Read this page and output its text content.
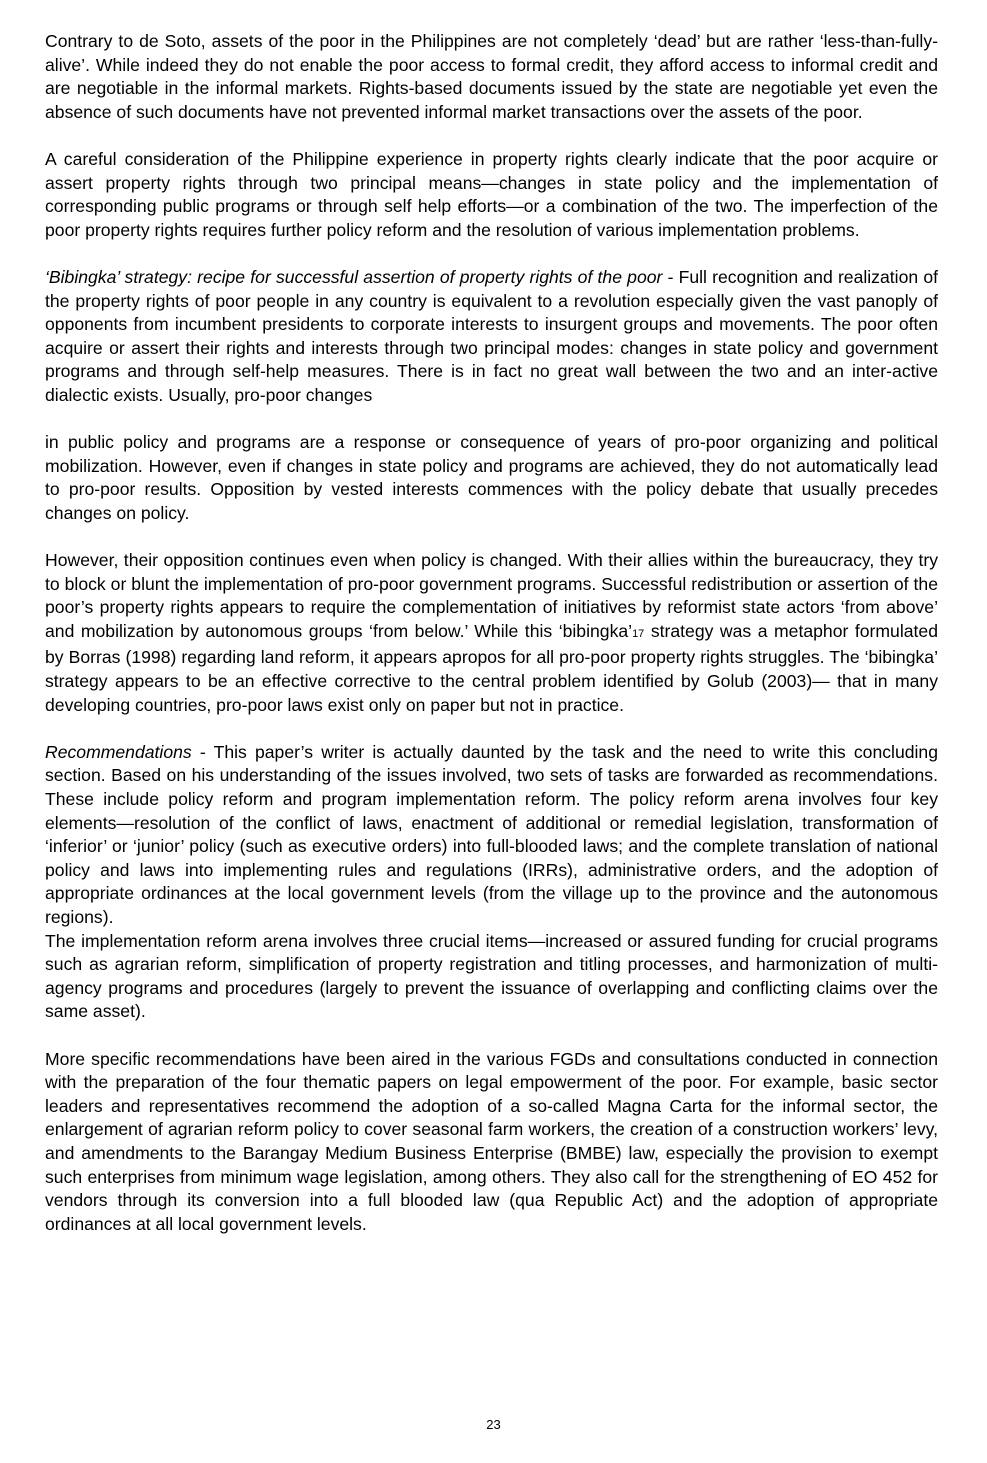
Contrary to de Soto, assets of the poor in the Philippines are not completely ‘dead’ but are rather ‘less-than-fully-alive’. While indeed they do not enable the poor access to formal credit, they afford access to informal credit and are negotiable in the informal markets. Rights-based documents issued by the state are negotiable yet even the absence of such documents have not prevented informal market transactions over the assets of the poor.

A careful consideration of the Philippine experience in property rights clearly indicate that the poor acquire or assert property rights through two principal means—changes in state policy and the implementation of corresponding public programs or through self help efforts—or a combination of the two. The imperfection of the poor property rights requires further policy reform and the resolution of various implementation problems.

‘Bibingka’ strategy: recipe for successful assertion of property rights of the poor - Full recognition and realization of the property rights of poor people in any country is equivalent to a revolution especially given the vast panoply of opponents from incumbent presidents to corporate interests to insurgent groups and movements. The poor often acquire or assert their rights and interests through two principal modes: changes in state policy and government programs and through self-help measures. There is in fact no great wall between the two and an inter-active dialectic exists. Usually, pro-poor changes

in public policy and programs are a response or consequence of years of pro-poor organizing and political mobilization. However, even if changes in state policy and programs are achieved, they do not automatically lead to pro-poor results. Opposition by vested interests commences with the policy debate that usually precedes changes on policy.

However, their opposition continues even when policy is changed. With their allies within the bureaucracy, they try to block or blunt the implementation of pro-poor government programs. Successful redistribution or assertion of the poor’s property rights appears to require the complementation of initiatives by reformist state actors ‘from above’ and mobilization by autonomous groups ‘from below.’ While this ‘bibingka’17 strategy was a metaphor formulated by Borras (1998) regarding land reform, it appears apropos for all pro-poor property rights struggles. The ‘bibingka’ strategy appears to be an effective corrective to the central problem identified by Golub (2003)— that in many developing countries, pro-poor laws exist only on paper but not in practice.

Recommendations - This paper’s writer is actually daunted by the task and the need to write this concluding section. Based on his understanding of the issues involved, two sets of tasks are forwarded as recommendations. These include policy reform and program implementation reform. The policy reform arena involves four key elements—resolution of the conflict of laws, enactment of additional or remedial legislation, transformation of ‘inferior’ or ‘junior’ policy (such as executive orders) into full-blooded laws; and the complete translation of national policy and laws into implementing rules and regulations (IRRs), administrative orders, and the adoption of appropriate ordinances at the local government levels (from the village up to the province and the autonomous regions).

The implementation reform arena involves three crucial items—increased or assured funding for crucial programs such as agrarian reform, simplification of property registration and titling processes, and harmonization of multi-agency programs and procedures (largely to prevent the issuance of overlapping and conflicting claims over the same asset).

More specific recommendations have been aired in the various FGDs and consultations conducted in connection with the preparation of the four thematic papers on legal empowerment of the poor. For example, basic sector leaders and representatives recommend the adoption of a so-called Magna Carta for the informal sector, the enlargement of agrarian reform policy to cover seasonal farm workers, the creation of a construction workers’ levy, and amendments to the Barangay Medium Business Enterprise (BMBE) law, especially the provision to exempt such enterprises from minimum wage legislation, among others. They also call for the strengthening of EO 452 for vendors through its conversion into a full blooded law (qua Republic Act) and the adoption of appropriate ordinances at all local government levels.

23
